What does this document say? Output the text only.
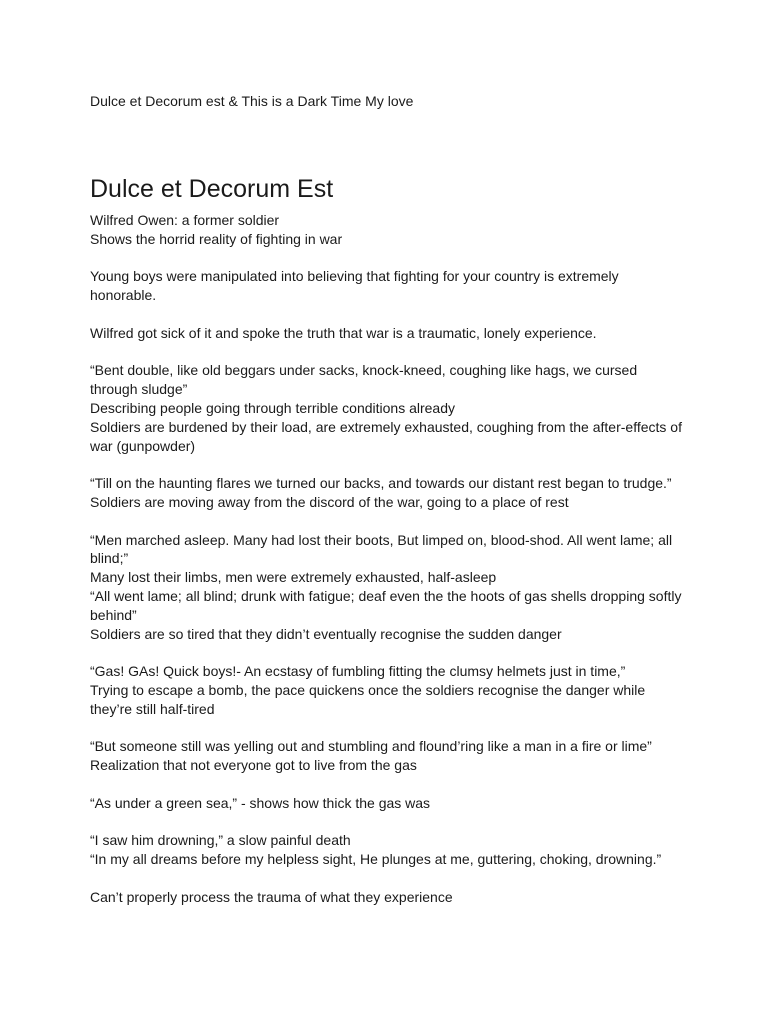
Dulce et Decorum est & This is a Dark Time My love
Dulce et Decorum Est
Wilfred Owen: a former soldier
Shows the horrid reality of fighting in war
Young boys were manipulated into believing that fighting for your country is extremely
honorable.
Wilfred got sick of it and spoke the truth that war is a traumatic, lonely experience.
“Bent double, like old beggars under sacks, knock-kneed, coughing like hags, we cursed
through sludge”
Describing people going through terrible conditions already
Soldiers are burdened by their load, are extremely exhausted, coughing from the after-effects of
war (gunpowder)
“Till on the haunting flares we turned our backs, and towards our distant rest began to trudge.”
Soldiers are moving away from the discord of the war, going to a place of rest
“Men marched asleep. Many had lost their boots, But limped on, blood-shod. All went lame; all
blind;”
Many lost their limbs, men were extremely exhausted, half-asleep
“All went lame; all blind; drunk with fatigue; deaf even the the hoots of gas shells dropping softly
behind”
Soldiers are so tired that they didn’t eventually recognise the sudden danger
“Gas! GAs! Quick boys!- An ecstasy of fumbling fitting the clumsy helmets just in time,”
Trying to escape a bomb, the pace quickens once the soldiers recognise the danger while
they’re still half-tired
“But someone still was yelling out and stumbling and flound’ring like a man in a fire or lime”
Realization that not everyone got to live from the gas
“As under a green sea,” - shows how thick the gas was
“I saw him drowning,” a slow painful death
“In my all dreams before my helpless sight, He plunges at me, guttering, choking, drowning.”
Can’t properly process the trauma of what they experience
